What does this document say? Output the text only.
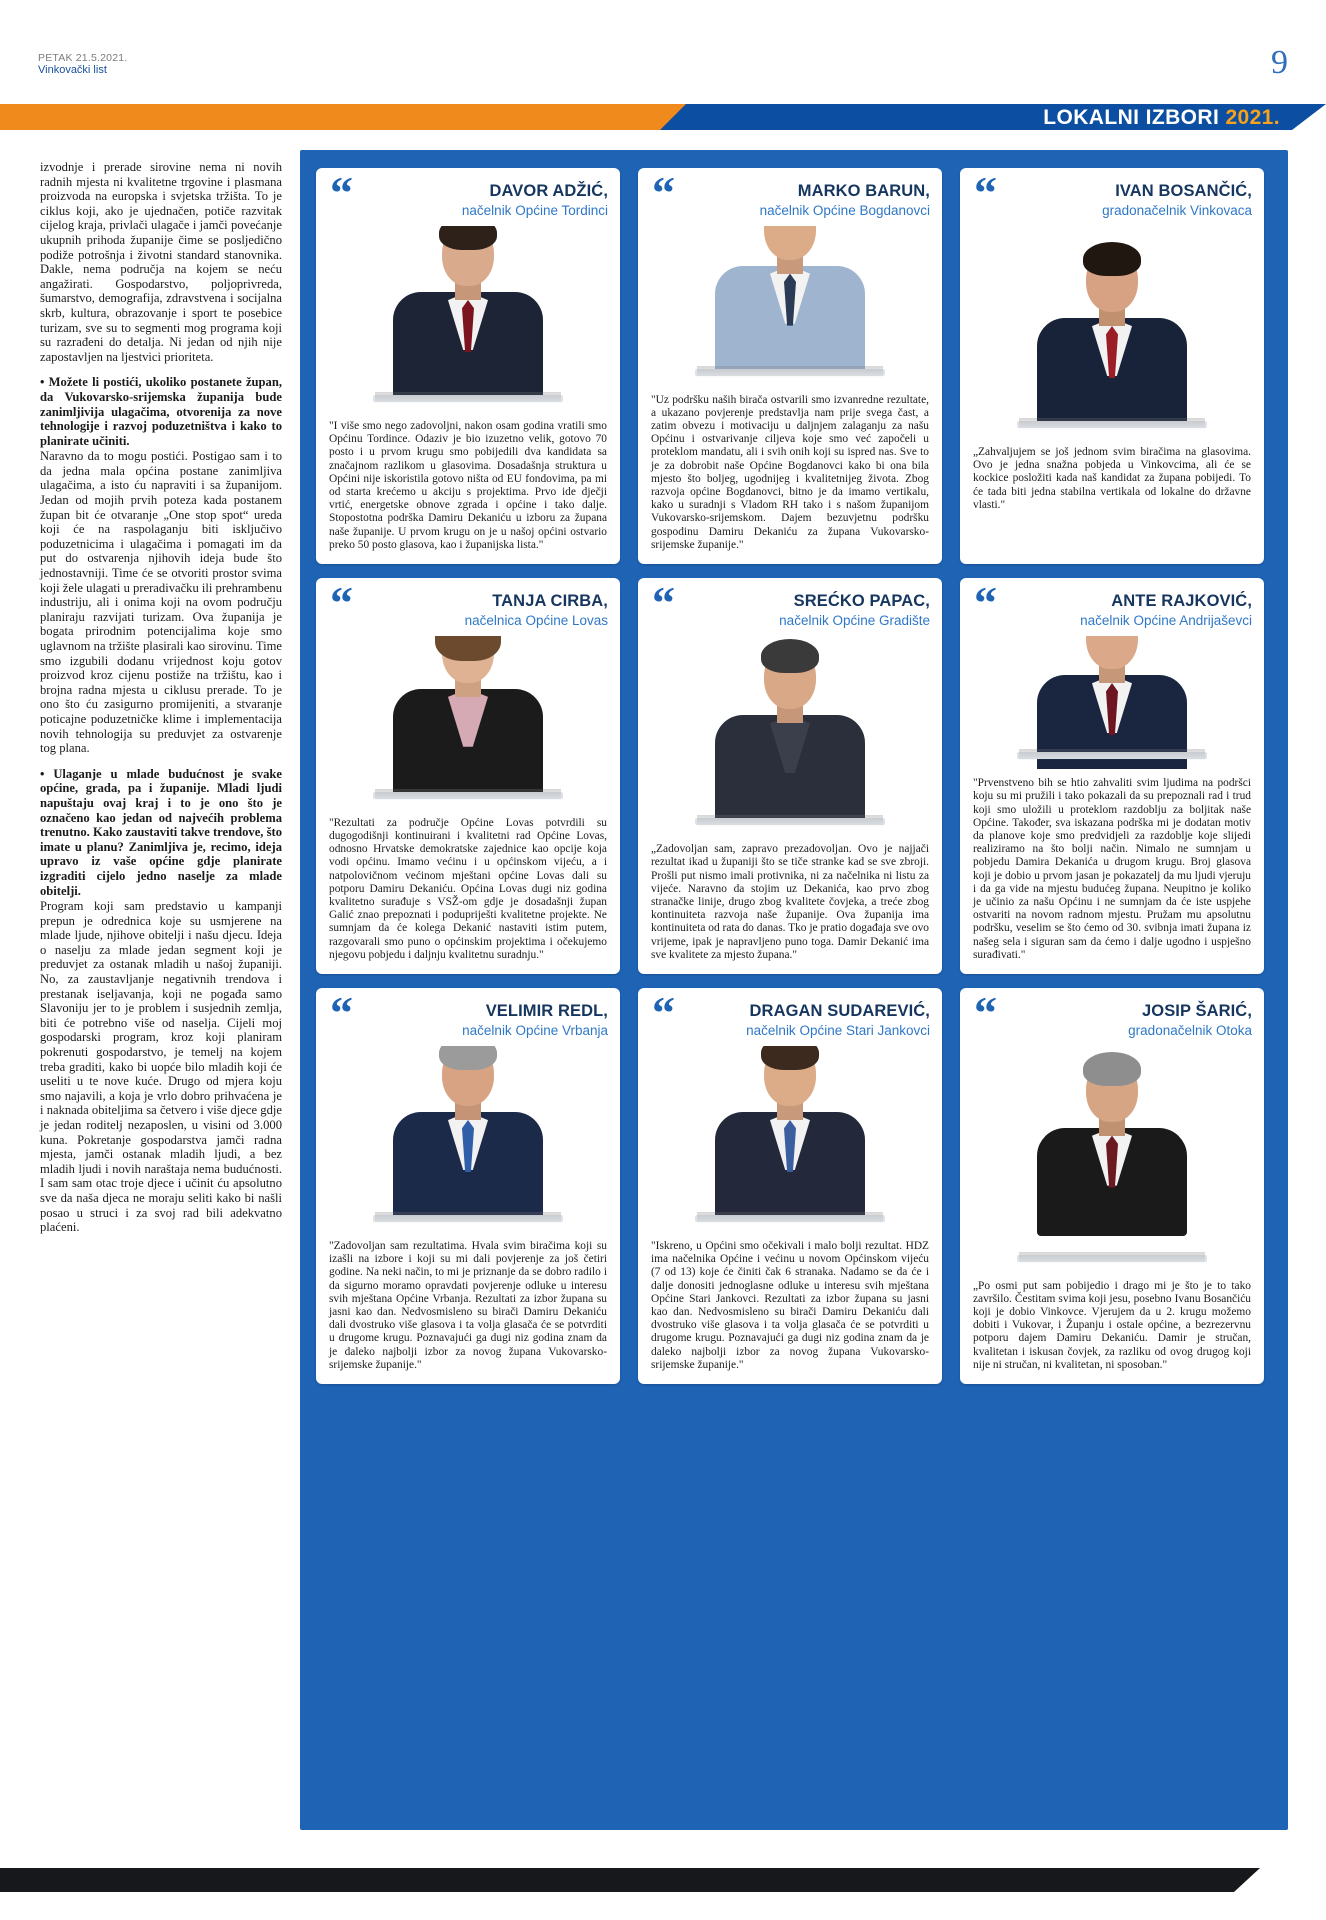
PETAK 21.5.2021.
Vinkovački list	9
LOKALNI IZBORI 2021.

izvodnje i prerade sirovine nema ni novih radnih mjesta ni kvalitetne trgovine i plasmana proizvoda na europska i svjetska tržišta. To je ciklus koji, ako je ujednačen, potiče razvitak cijelog kraja, privlači ulagače i jamči povećanje ukupnih prihoda županije čime se posljedično podiže potrošnja i životni standard stanovnika. Dakle, nema područja na kojem se neću angažirati. Gospodarstvo, poljoprivreda, šumarstvo, demografija, zdravstvena i socijalna skrb, kultura, obrazovanje i sport te posebice turizam, sve su to segmenti mog programa koji su razrađeni do detalja. Ni jedan od njih nije zapostavljen na ljestvici prioriteta.

• Možete li postići, ukoliko postanete župan, da Vukovarsko-srijemska županija bude zanimljivija ulagačima, otvorenija za nove tehnologije i razvoj poduzetništva i kako to planirate učiniti.

Naravno da to mogu postići. Postigao sam i to da jedna mala općina postane zanimljiva ulagačima, a isto ću napraviti i sa županijom. Jedan od mojih prvih poteza kada postanem župan bit će otvaranje „One stop spot“ ureda koji će na raspolaganju biti isključivo poduzetnicima i ulagačima i pomagati im da put do ostvarenja njihovih ideja bude što jednostavniji. Time će se otvoriti prostor svima koji žele ulagati u preradivačku ili prehrambenu industriju, ali i onima koji na ovom području planiraju razvijati turizam. Ova županija je bogata prirodnim potencijalima koje smo uglavnom na tržište plasirali kao sirovinu. Time smo izgubili dodanu vrijednost koju gotov proizvod kroz cijenu postiže na tržištu, kao i brojna radna mjesta u ciklusu prerade. To je ono što ću zasigurno promijeniti, a stvaranje poticajne poduzetničke klime i implementacija novih tehnologija su preduvjet za ostvarenje tog plana.

• Ulaganje u mlade budućnost je svake općine, grada, pa i županije. Mladi ljudi napuštaju ovaj kraj i to je ono što je označeno kao jedan od najvećih problema trenutno. Kako zaustaviti takve trendove, što imate u planu? Zanimljiva je, recimo, ideja upravo iz vaše općine gdje planirate izgraditi cijelo jedno naselje za mlade obitelji.

Program koji sam predstavio u kampanji prepun je odrednica koje su usmjerene na mlade ljude, njihove obitelji i našu djecu. Ideja o naselju za mlade jedan segment koji je preduvjet za ostanak mladih u našoj županiji. No, za zaustavljanje negativnih trendova i prestanak iseljavanja, koji ne pogađa samo Slavoniju jer to je problem i susjednih zemlja, biti će potrebno više od naselja. Cijeli moj gospodarski program, kroz koji planiram pokrenuti gospodarstvo, je temelj na kojem treba graditi, kako bi uopće bilo mladih koji će useliti u te nove kuće. Drugo od mjera koju smo najavili, a koja je vrlo dobro prihvaćena je i naknada obiteljima sa četvero i više djece gdje je jedan roditelj nezaposlen, u visini od 3.000 kuna. Pokretanje gospodarstva jamči radna mjesta, jamči ostanak mladih ljudi, a bez mladih ljudi i novih naraštaja nema budućnosti. I sam sam otac troje djece i učinit ću apsolutno sve da naša djeca ne moraju seliti kako bi našli posao u struci i za svoj rad bili adekvatno plaćeni.

“	DAVOR ADŽIĆ,
načelnik Općine Tordinci
"I više smo nego zadovoljni, nakon osam godina vratili smo Općinu Tordince. Odaziv je bio izuzetno velik, gotovo 70 posto i u prvom krugu smo pobijedili dva kandidata sa značajnom razlikom u glasovima. Dosadašnja struktura u Općini nije iskoristila gotovo ništa od EU fondovima, pa mi od starta krećemo u akciju s projektima. Prvo ide dječji vrtić, energetske obnove zgrada i općine i tako dalje. Stopostotna podrška Damiru Dekaniću u izboru za župana naše županije. U prvom krugu on je u našoj općini ostvario preko 50 posto glasova, kao i županijska lista."
“	MARKO BARUN,
načelnik Općine Bogdanovci
"Uz podršku naših birača ostvarili smo izvanredne rezultate, a ukazano povjerenje predstavlja nam prije svega čast, a zatim obvezu i motivaciju u daljnjem zalaganju za našu Općinu i ostvarivanje ciljeva koje smo već započeli u proteklom mandatu, ali i svih onih koji su ispred nas. Sve to je za dobrobit naše Općine Bogdanovci kako bi ona bila mjesto što boljeg, ugodnijeg i kvalitetnijeg života. Zbog razvoja općine Bogdanovci, bitno je da imamo vertikalu, kako u suradnji s Vladom RH tako i s našom županijom Vukovarsko-srijemskom. Dajem bezuvjetnu podršku gospodinu Damiru Dekaniću za župana Vukovarsko-srijemske županije."
“	IVAN BOSANČIĆ,
gradonačelnik Vinkovaca
„Zahvaljujem se još jednom svim biračima na glasovima. Ovo je jedna snažna pobjeda u Vinkovcima, ali će se kockice posložiti kada naš kandidat za župana pobijedi. To će tada biti jedna stabilna vertikala od lokalne do državne vlasti."
“	TANJA CIRBA,
načelnica Općine Lovas
"Rezultati za područje Općine Lovas potvrdili su dugogodišnji kontinuirani i kvalitetni rad Općine Lovas, odnosno Hrvatske demokratske zajednice kao opcije koja vodi općinu. Imamo većinu i u općinskom vijeću, a i natpolovičnom većinom mještani općine Lovas dali su potporu Damiru Dekaniću. Općina Lovas dugi niz godina kvalitetno surađuje s VSŽ-om gdje je dosadašnji župan Galić znao prepoznati i podupriješti kvalitetne projekte. Ne sumnjam da će kolega Dekanić nastaviti istim putem, razgovarali smo puno o općinskim projektima i očekujemo njegovu pobjedu i daljnju kvalitetnu suradnju."
“	SREĆKO PAPAC,
načelnik Općine Gradište
„Zadovoljan sam, zapravo prezadovoljan. Ovo je najjači rezultat ikad u županiji što se tiče stranke kad se sve zbroji. Prošli put nismo imali protivnika, ni za načelnika ni listu za vijeće. Naravno da stojim uz Dekanića, kao prvo zbog stranačke linije, drugo zbog kvalitete čovjeka, a treće zbog kontinuiteta razvoja naše županije. Ova županija ima kontinuiteta od rata do danas. Tko je pratio događaja sve ovo vrijeme, ipak je napravljeno puno toga. Damir Dekanić ima sve kvalitete za mjesto župana."
“	ANTE RAJKOVIĆ,
načelnik Općine Andrijaševci
"Prvenstveno bih se htio zahvaliti svim ljudima na podršci koju su mi pružili i tako pokazali da su prepoznali rad i trud koji smo uložili u proteklom razdoblju za boljitak naše Općine. Također, sva iskazana podrška mi je dodatan motiv da planove koje smo predvidjeli za razdoblje koje slijedi realiziramo na što bolji način. Nimalo ne sumnjam u pobjedu Damira Dekanića u drugom krugu. Broj glasova koji je dobio u prvom jasan je pokazatelj da mu ljudi vjeruju i da ga vide na mjestu budućeg župana. Neupitno je koliko je učinio za našu Općinu i ne sumnjam da će iste uspjehe ostvariti na novom radnom mjestu. Pružam mu apsolutnu podršku, veselim se što ćemo od 30. svibnja imati župana iz našeg sela i siguran sam da ćemo i dalje ugodno i uspješno surađivati."
“	VELIMIR REDL,
načelnik Općine Vrbanja
"Zadovoljan sam rezultatima. Hvala svim biračima koji su izašli na izbore i koji su mi dali povjerenje za još četiri godine. Na neki način, to mi je priznanje da se dobro radilo i da sigurno moramo opravdati povjerenje odluke u interesu svih mještana Općine Vrbanja. Rezultati za izbor župana su jasni kao dan. Nedvosmisleno su birači Damiru Dekaniću dali dvostruko više glasova i ta volja glasača će se potvrditi u drugome krugu. Poznavajući ga dugi niz godina znam da je daleko najbolji izbor za novog župana Vukovarsko-srijemske županije."
“	DRAGAN SUDAREVIĆ,
načelnik Općine Stari Jankovci
"Iskreno, u Općini smo očekivali i malo bolji rezultat. HDZ ima načelnika Općine i većinu u novom Općinskom vijeću (7 od 13) koje će činiti čak 6 stranaka. Nadamo se da će i dalje donositi jednoglasne odluke u interesu svih mještana Općine Stari Jankovci. Rezultati za izbor župana su jasni kao dan. Nedvosmisleno su birači Damiru Dekaniću dali dvostruko više glasova i ta volja glasača će se potvrditi u drugome krugu. Poznavajući ga dugi niz godina znam da je daleko najbolji izbor za novog župana Vukovarsko-srijemske županije."
“	JOSIP ŠARIĆ,
gradonačelnik Otoka
„Po osmi put sam pobijedio i drago mi je što je to tako završilo. Čestitam svima koji jesu, posebno Ivanu Bosančiću koji je dobio Vinkovce. Vjerujem da u 2. krugu možemo dobiti i Vukovar, i Županju i ostale općine, a bezrezervnu potporu dajem Damiru Dekaniću. Damir je stručan, kvalitetan i iskusan čovjek, za razliku od ovog drugog koji nije ni stručan, ni kvalitetan, ni sposoban."
